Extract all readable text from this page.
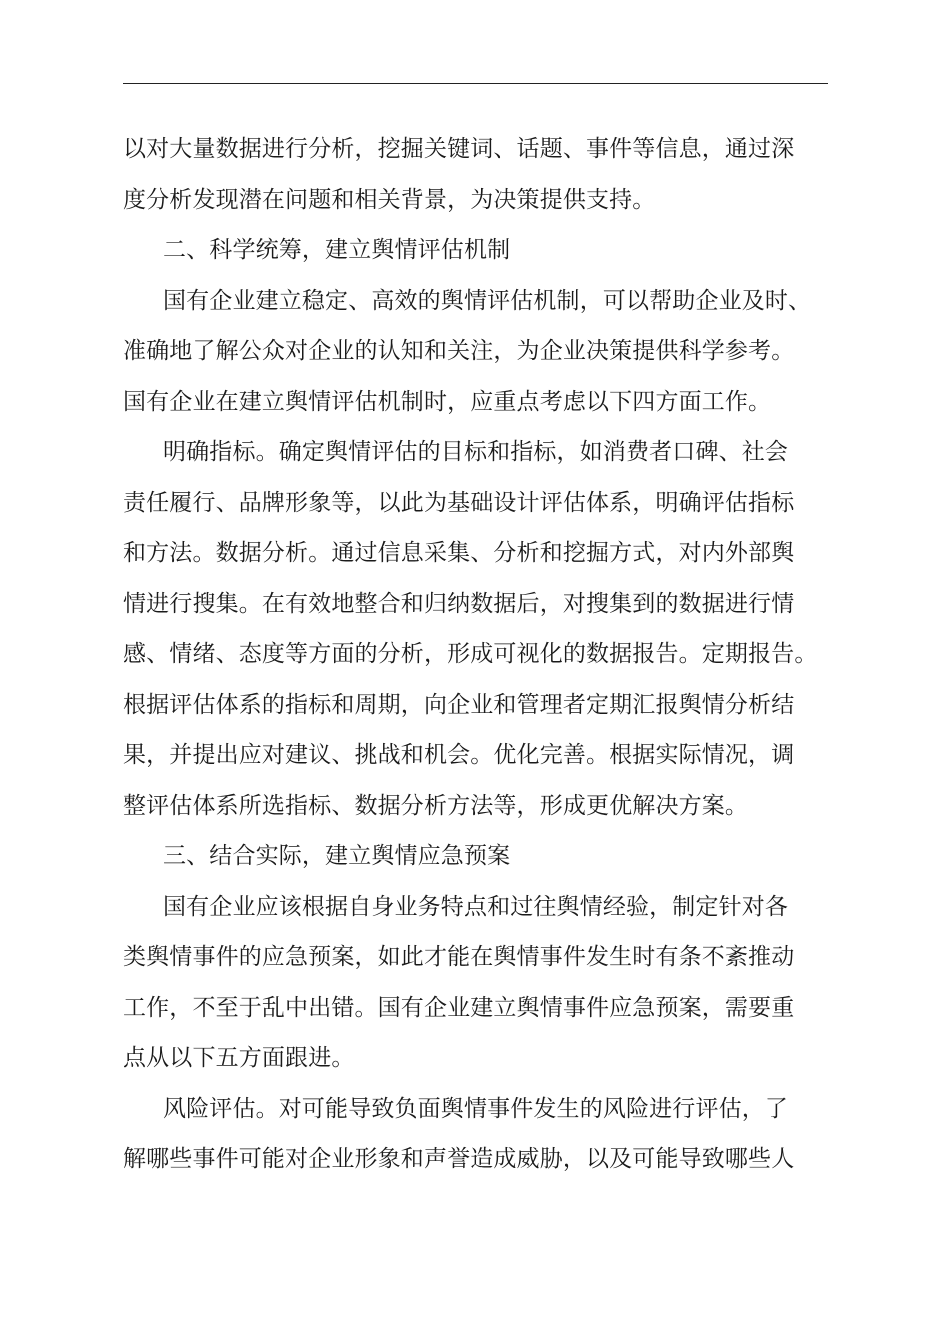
以对大量数据进行分析，挖掘关键词、话题、事件等信息，通过深
度分析发现潜在问题和相关背景，为决策提供支持。
二、科学统筹，建立舆情评估机制
国有企业建立稳定、高效的舆情评估机制，可以帮助企业及时、
准确地了解公众对企业的认知和关注，为企业决策提供科学参考。
国有企业在建立舆情评估机制时，应重点考虑以下四方面工作。
明确指标。确定舆情评估的目标和指标，如消费者口碑、社会
责任履行、品牌形象等，以此为基础设计评估体系，明确评估指标
和方法。数据分析。通过信息采集、分析和挖掘方式，对内外部舆
情进行搜集。在有效地整合和归纳数据后，对搜集到的数据进行情
感、情绪、态度等方面的分析，形成可视化的数据报告。定期报告。
根据评估体系的指标和周期，向企业和管理者定期汇报舆情分析结
果，并提出应对建议、挑战和机会。优化完善。根据实际情况，调
整评估体系所选指标、数据分析方法等，形成更优解决方案。
三、结合实际，建立舆情应急预案
国有企业应该根据自身业务特点和过往舆情经验，制定针对各
类舆情事件的应急预案，如此才能在舆情事件发生时有条不紊推动
工作，不至于乱中出错。国有企业建立舆情事件应急预案，需要重
点从以下五方面跟进。
风险评估。对可能导致负面舆情事件发生的风险进行评估，了
解哪些事件可能对企业形象和声誉造成威胁，以及可能导致哪些人
